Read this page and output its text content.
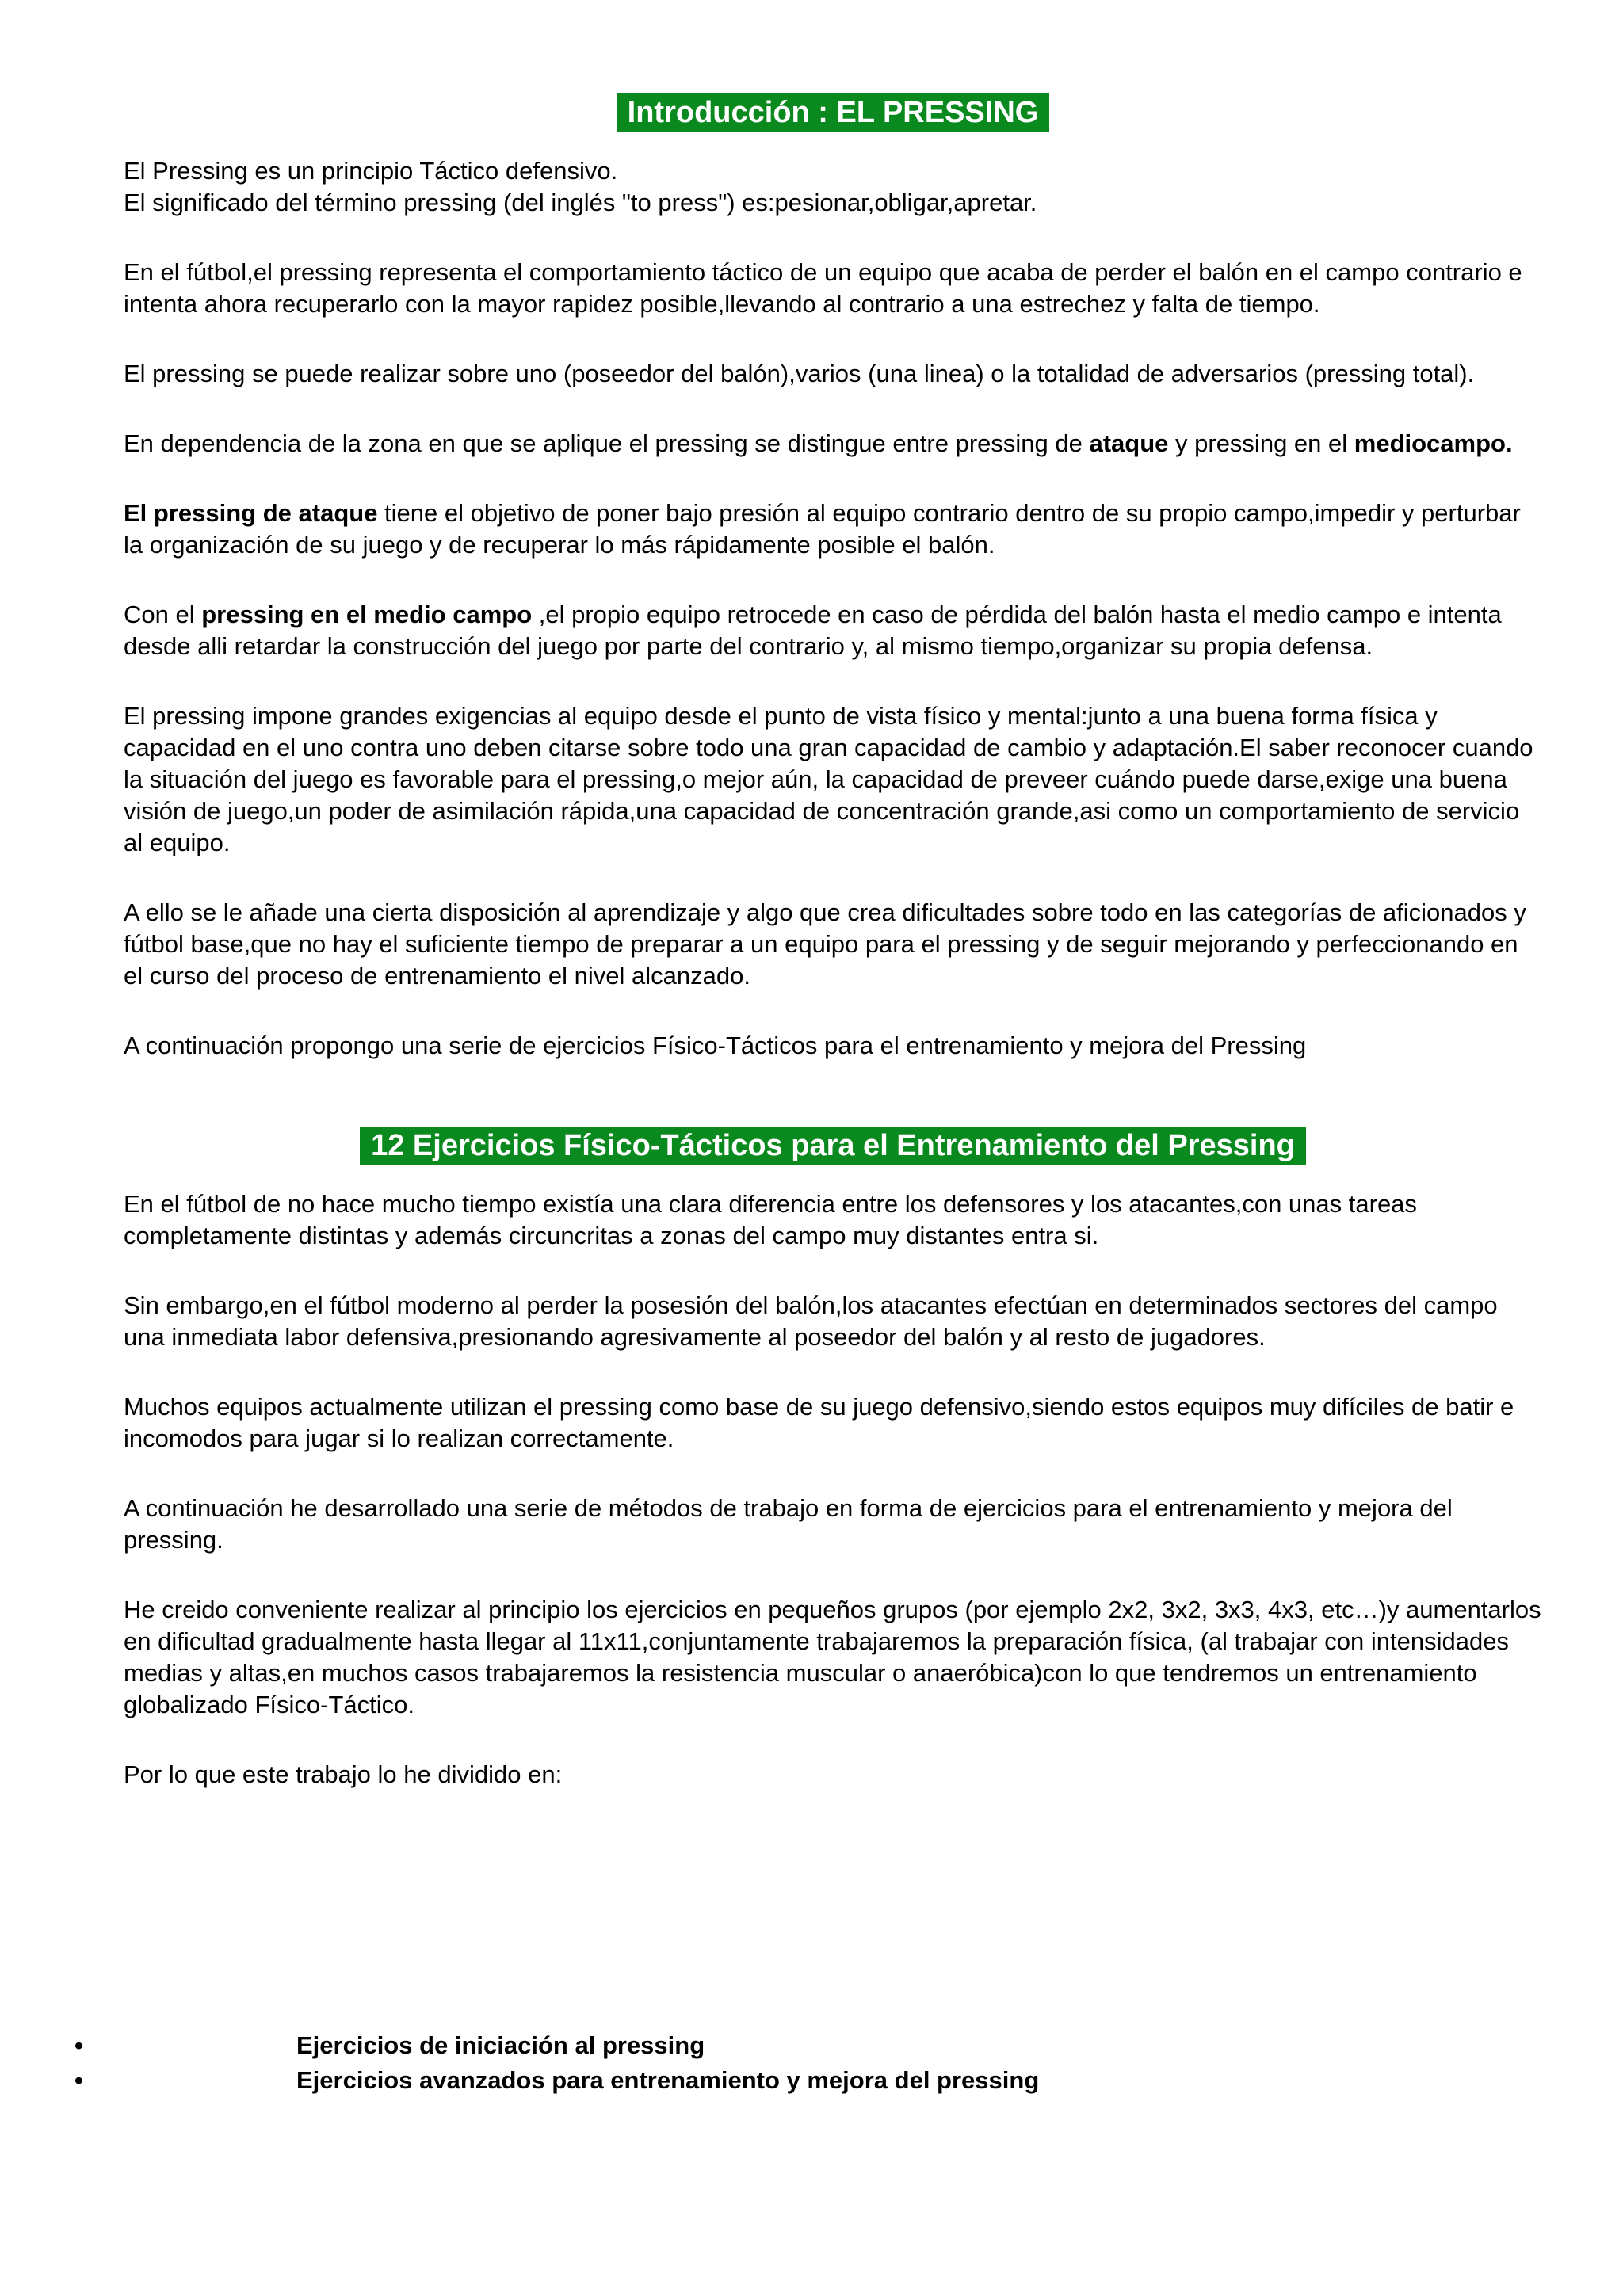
Introducción : EL PRESSING

El Pressing es un principio Táctico defensivo.
El significado del término pressing (del inglés "to press") es:pesionar,obligar,apretar.

En el fútbol,el pressing representa el comportamiento táctico de un equipo que acaba de perder el balón en el campo contrario e intenta ahora recuperarlo con la mayor rapidez posible,llevando al contrario a una estrechez y falta de tiempo.

El pressing se puede realizar sobre uno (poseedor del balón),varios (una linea) o la totalidad de adversarios (pressing total).

En dependencia de la zona en que se aplique el pressing se distingue entre pressing de ataque y pressing en el mediocampo.

El pressing de ataque tiene el objetivo de poner bajo presión al equipo contrario dentro de su propio campo,impedir y perturbar la organización de su juego y de recuperar lo más rápidamente posible el balón.

Con el pressing en el medio campo ,el propio equipo retrocede en caso de pérdida del balón hasta el medio campo e intenta desde alli retardar la construcción del juego por parte del contrario y, al mismo tiempo,organizar su propia defensa.

El pressing impone grandes exigencias al equipo desde el punto de vista físico y mental:junto a una buena forma física y capacidad en el uno contra uno deben citarse sobre todo una gran capacidad de cambio y adaptación.El saber reconocer cuando la situación del juego es favorable para el pressing,o mejor aún, la capacidad de preveer cuándo puede darse,exige una buena visión de juego,un poder de asimilación rápida,una capacidad de concentración grande,asi como un comportamiento de servicio al equipo.

A ello se le añade una cierta disposición al aprendizaje y algo que crea dificultades sobre todo en las categorías de aficionados y fútbol base,que no hay el suficiente tiempo de preparar a un equipo para el pressing y de seguir mejorando y perfeccionando en el curso del proceso de entrenamiento el nivel alcanzado.

A continuación propongo una serie de ejercicios Físico-Tácticos para el entrenamiento y mejora del Pressing

12 Ejercicios Físico-Tácticos para el Entrenamiento del Pressing

En el fútbol de no hace mucho tiempo existía una clara diferencia entre los defensores y los atacantes,con unas tareas completamente distintas y además circuncritas a zonas del campo muy distantes entra si.

Sin embargo,en el fútbol moderno al perder la posesión del balón,los atacantes efectúan en determinados sectores del campo una inmediata labor defensiva,presionando agresivamente al poseedor del balón y al resto de jugadores.

Muchos equipos actualmente utilizan el pressing como base de su juego defensivo,siendo estos equipos muy difíciles de batir e incomodos para jugar si lo realizan correctamente.

A continuación he desarrollado una serie de métodos de trabajo en forma de ejercicios para el entrenamiento y mejora del pressing.

He creido conveniente realizar al principio los ejercicios en pequeños grupos (por ejemplo 2x2, 3x2, 3x3, 4x3, etc…)y aumentarlos en dificultad gradualmente hasta llegar al 11x11,conjuntamente trabajaremos la preparación física, (al trabajar con intensidades medias y altas,en muchos casos trabajaremos la resistencia muscular o anaeróbica)con lo que tendremos un entrenamiento globalizado Físico-Táctico.

Por lo que este trabajo lo he dividido en:

•	Ejercicios de iniciación al pressing
•	Ejercicios avanzados para entrenamiento y mejora del pressing
